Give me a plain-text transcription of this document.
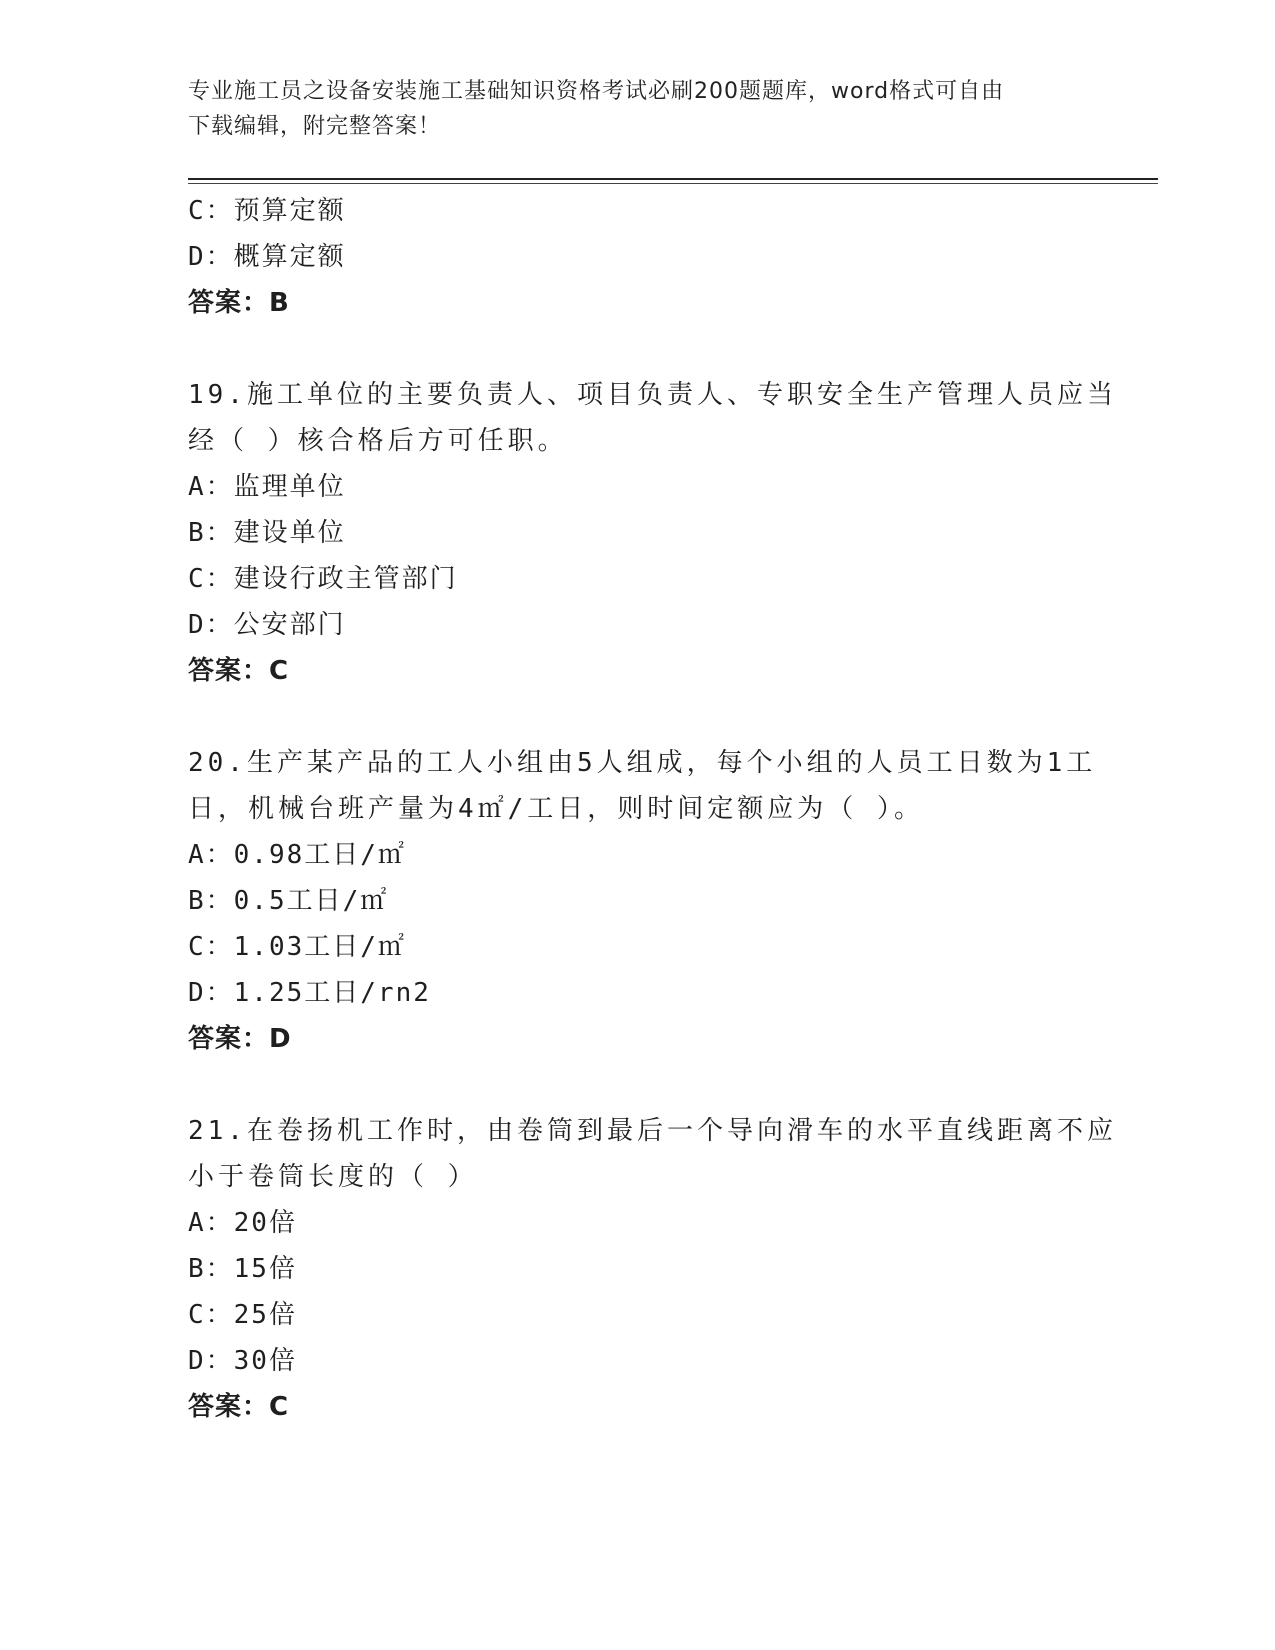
专业施工员之设备安装施工基础知识资格考试必刷200题题库，word格式可自由
下载编辑，附完整答案！
C：预算定额
D：概算定额
答案：B
19.施工单位的主要负责人、项目负责人、专职安全生产管理人员应当
经（ ）核合格后方可任职。
A：监理单位
B：建设单位
C：建设行政主管部门
D：公安部门
答案：C
20.生产某产品的工人小组由5人组成，每个小组的人员工日数为1工
日，机械台班产量为4㎡/工日，则时间定额应为（ ）。
A：0.98工日/㎡
B：0.5工日/㎡
C：1.03工日/㎡
D：1.25工日/rn2
答案：D
21.在卷扬机工作时，由卷筒到最后一个导向滑车的水平直线距离不应
小于卷筒长度的（ ）
A：20倍
B：15倍
C：25倍
D：30倍
答案：C
